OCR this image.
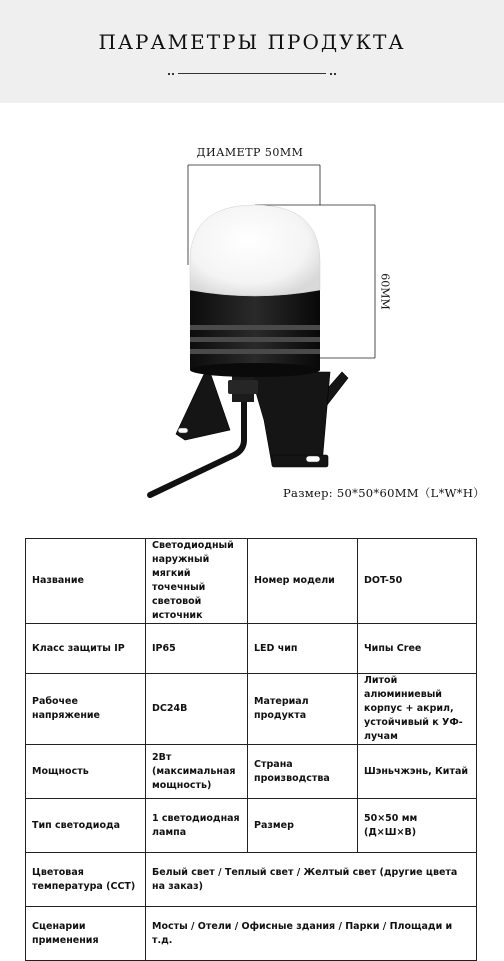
ПАРАМЕТРЫ ПРОДУКТА
ДИАМЕТР 50MM
60MM
Размер: 50*50*60MM（L*W*H）
Название	Светодиодный наружный мягкий точечный световой источник	Номер модели	DOT-50
Класс защиты IP	IP65	LED чип	Чипы Cree
Рабочее напряжение	DC24B	Материал продукта	Литой алюминиевый корпус + акрил, устойчивый к УФ-лучам
Мощность	2Вт (максимальная мощность)	Страна производства	Шэньчжэнь, Китай
Тип светодиода	1 светодиодная лампа	Размер	50×50 мм (Д×Ш×В)
Цветовая температура (CCT)	Белый свет / Теплый свет / Желтый свет (другие цвета на заказ)		
Сценарии применения	Мосты / Отели / Офисные здания / Парки / Площади и т.д.		
